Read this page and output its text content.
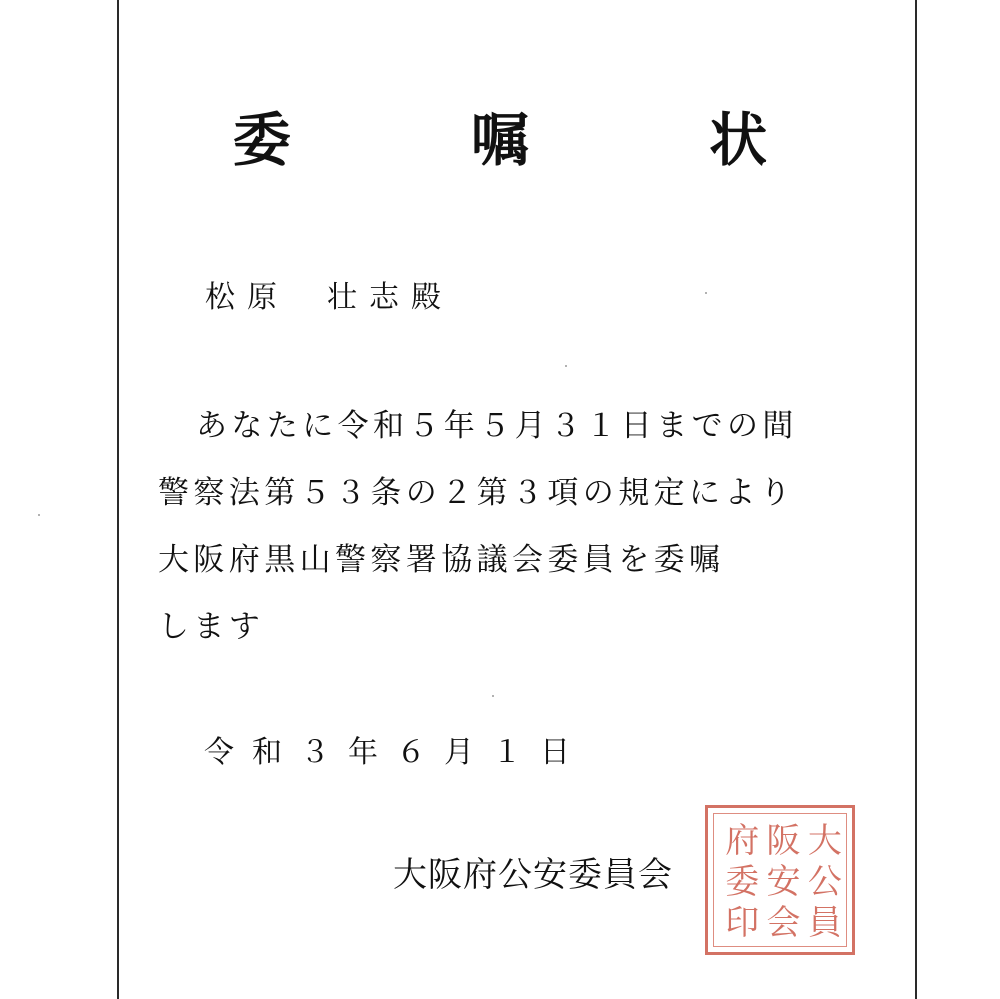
委 嘱 状
松原 壮志殿
あなたに令和５年５月３１日までの間
警察法第５３条の２第３項の規定により
大阪府黒山警察署協議会委員を委嘱
します
令和３年６月１日
大阪府公安委員会
大
阪
府
公
安
委
員
会
印
